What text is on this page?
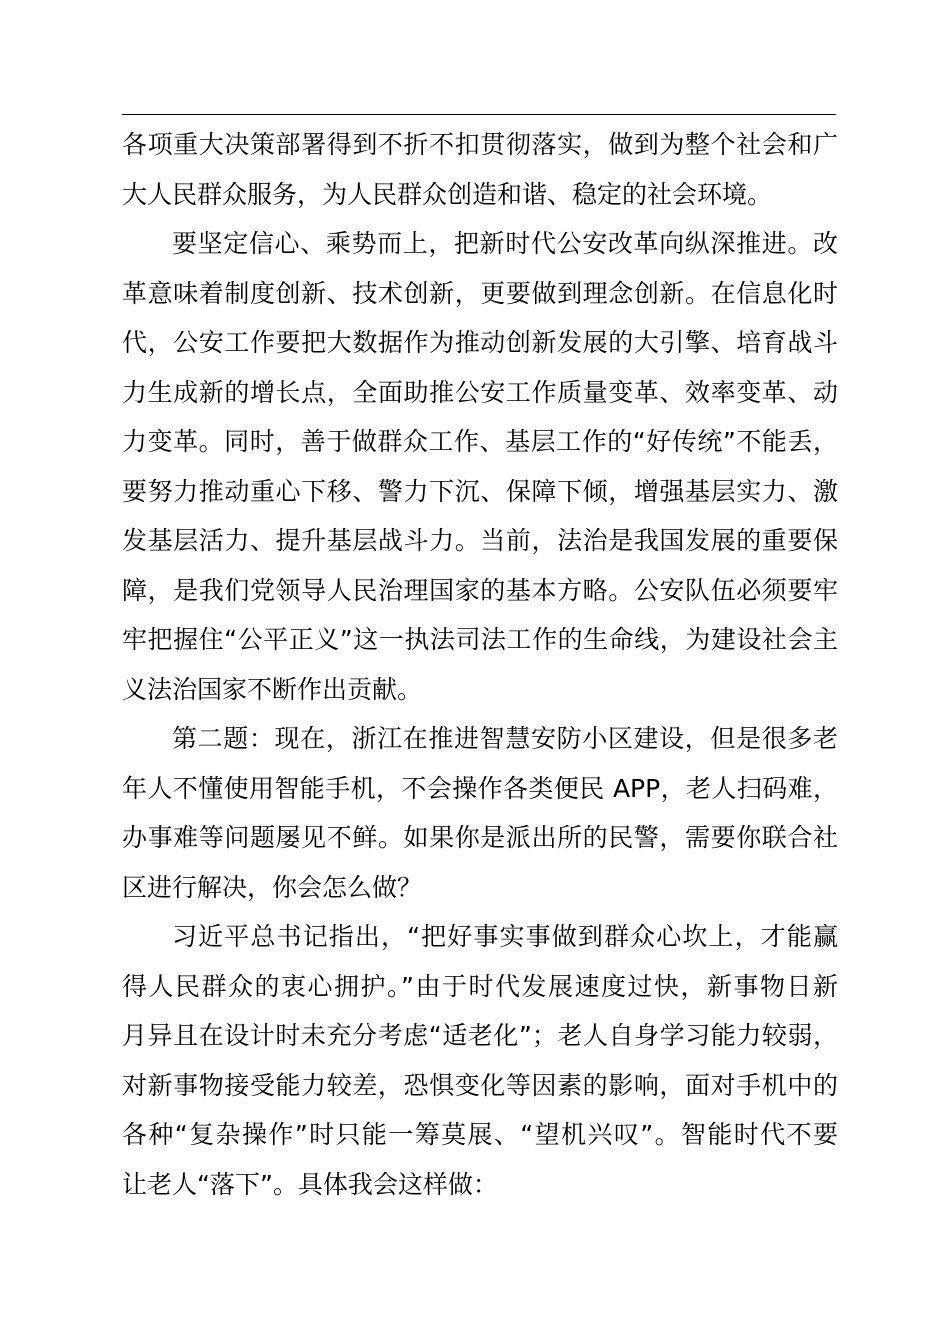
各项重大决策部署得到不折不扣贯彻落实，做到为整个社会和广
大人民群众服务，为人民群众创造和谐、稳定的社会环境。
要坚定信心、乘势而上，把新时代公安改革向纵深推进。改
革意味着制度创新、技术创新，更要做到理念创新。在信息化时
代，公安工作要把大数据作为推动创新发展的大引擎、培育战斗
力生成新的增长点，全面助推公安工作质量变革、效率变革、动
力变革。同时，善于做群众工作、基层工作的“好传统”不能丢，
要努力推动重心下移、警力下沉、保障下倾，增强基层实力、激
发基层活力、提升基层战斗力。当前，法治是我国发展的重要保
障，是我们党领导人民治理国家的基本方略。公安队伍必须要牢
牢把握住“公平正义”这一执法司法工作的生命线，为建设社会主
义法治国家不断作出贡献。
第二题：现在，浙江在推进智慧安防小区建设，但是很多老
年人不懂使用智能手机，不会操作各类便民 APP，老人扫码难，
办事难等问题屡见不鲜。如果你是派出所的民警，需要你联合社
区进行解决，你会怎么做？
习近平总书记指出，“把好事实事做到群众心坎上，才能赢
得人民群众的衷心拥护。”由于时代发展速度过快，新事物日新
月异且在设计时未充分考虑“适老化”；老人自身学习能力较弱，
对新事物接受能力较差，恐惧变化等因素的影响，面对手机中的
各种“复杂操作”时只能一筹莫展、“望机兴叹”。智能时代不要
让老人“落下”。具体我会这样做：
